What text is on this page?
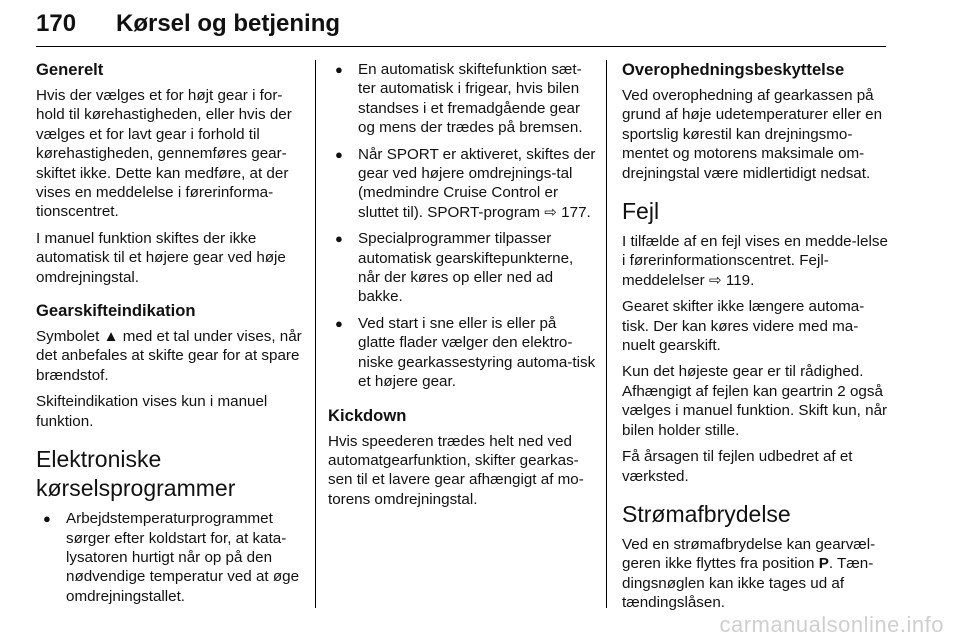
170 Kørsel og betjening
Generelt

Hvis der vælges et for højt gear i for-hold til kørehastigheden, eller hvis der vælges et for lavt gear i forhold til kørehastigheden, gennemføres gear-skiftet ikke. Dette kan medføre, at der vises en meddelelse i førerinforma-tionscentret.

I manuel funktion skiftes der ikke automatisk til et højere gear ved høje omdrejningstal.

Gearskifteindikation

Symbolet ▲ med et tal under vises, når det anbefales at skifte gear for at spare brændstof.

Skifteindikation vises kun i manuel funktion.

Elektroniske kørselsprogrammer
● Arbejdstemperaturprogrammet sørger efter koldstart for, at kata-lysatoren hurtigt når op på den nødvendige temperatur ved at øge omdrejningstallet.
● En automatisk skiftefunktion sæt-ter automatisk i frigear, hvis bilen standses i et fremadgående gear og mens der trædes på bremsen.
● Når SPORT er aktiveret, skiftes der gear ved højere omdrejnings-tal (medmindre Cruise Control er sluttet til). SPORT-program ⇨ 177.
● Specialprogrammer tilpasser automatisk gearskiftepunkterne, når der køres op eller ned ad bakke.
● Ved start i sne eller is eller på glatte flader vælger den elektro-niske gearkassestyring automa-tisk et højere gear.
Kickdown

Hvis speederen trædes helt ned ved automatgearfunktion, skifter gearkas-sen til et lavere gear afhængigt af mo-torens omdrejningstal.

Overophedningsbeskyttelse

Ved overophedning af gearkassen på grund af høje udetemperaturer eller en sportslig kørestil kan drejningsmo-mentet og motorens maksimale om-drejningstal være midlertidigt nedsat.

Fejl

I tilfælde af en fejl vises en medde-lelse i førerinformationscentret. Fejl-meddelelser ⇨ 119.

Gearet skifter ikke længere automa-tisk. Der kan køres videre med ma-nuelt gearskift.

Kun det højeste gear er til rådighed. Afhængigt af fejlen kan geartrin 2 også vælges i manuel funktion. Skift kun, når bilen holder stille.

Få årsagen til fejlen udbedret af et værksted.

Strømafbrydelse

Ved en strømafbrydelse kan gearvæl-geren ikke flyttes fra position P. Tæn-dingsnøglen kan ikke tages ud af tændingslåsen.

carmanualsonline.info
